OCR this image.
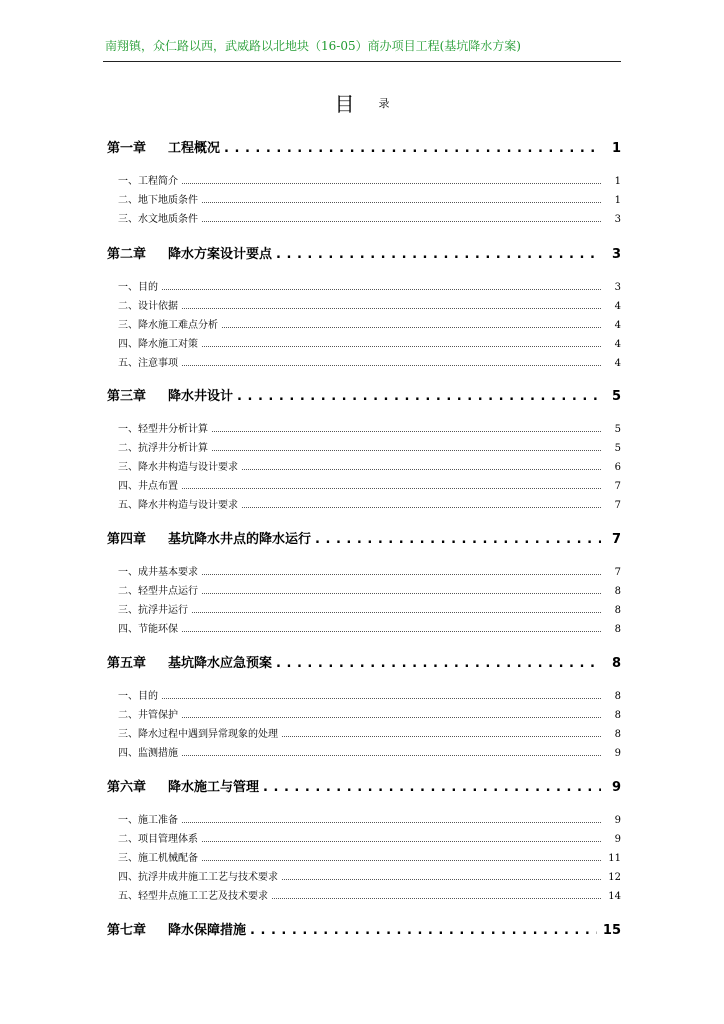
南翔镇，众仁路以西，武威路以北地块（16-05）商办项目工程(基坑降水方案)
目 $^录$
第一章 工程概况 . . .	1
一、工程简介	1
二、地下地质条件	1
三、水文地质条件	3
第二章 降水方案设计要点 . . .	3
一、目的	3
二、设计依据	4
三、降水施工难点分析	4
四、降水施工对策	4
五、注意事项	4
第三章 降水井设计 . . .	5
一、轻型井分析计算	5
二、抗浮井分析计算	5
三、降水井构造与设计要求	6
四、井点布置	7
五、降水井构造与设计要求	7
第四章 基坑降水井点的降水运行 . . .	7
一、成井基本要求	7
二、轻型井点运行	8
三、抗浮井运行	8
四、节能环保	8
第五章 基坑降水应急预案 . . .	8
一、目的	8
二、井管保护	8
三、降水过程中遇到异常现象的处理	8
四、监测措施	9
第六章 降水施工与管理 . . .	9
一、施工准备	9
二、项目管理体系	9
三、施工机械配备	11
四、抗浮井成井施工工艺与技术要求	12
五、轻型井点施工工艺及技术要求	14
第七章 降水保障措施 . . .	15
